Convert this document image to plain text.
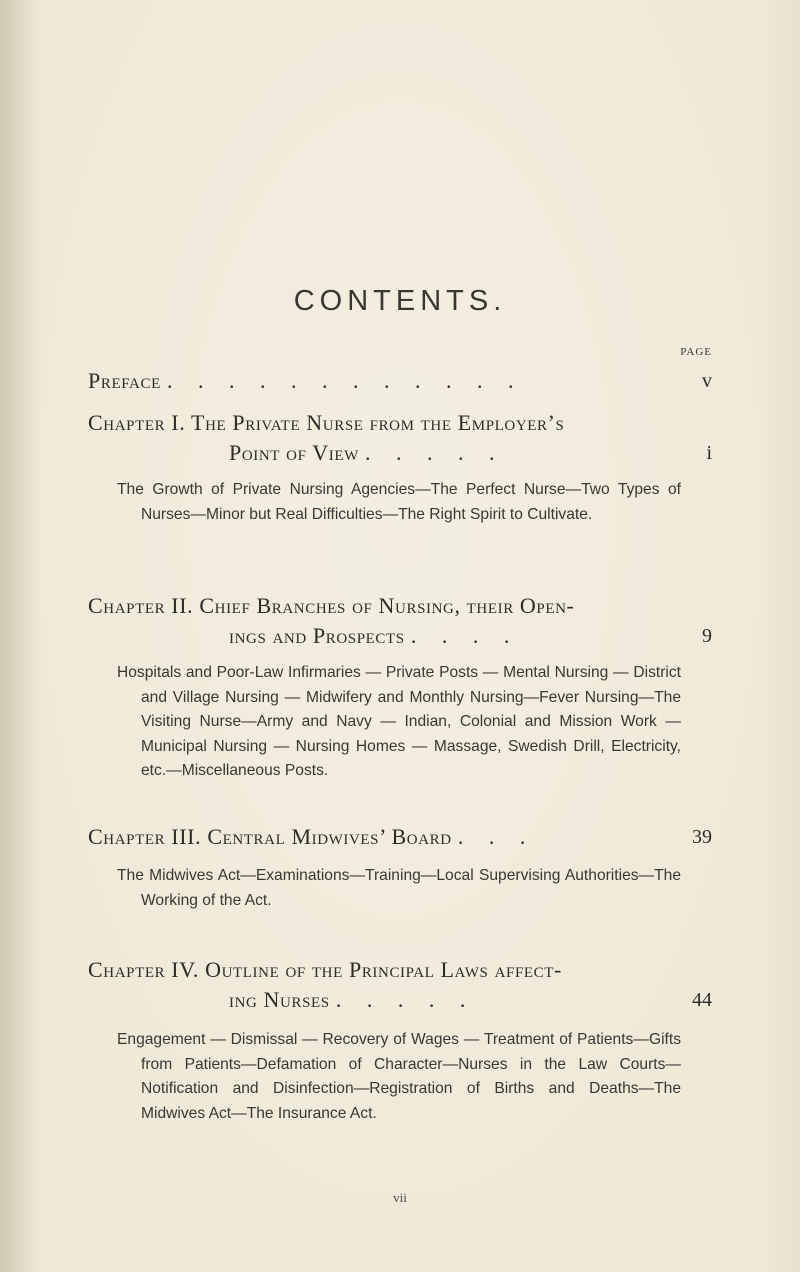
CONTENTS.
PAGE
Preface . . . . . . . . . . . .	v
Chapter I. The Private Nurse from the Employer’s
Point of View . . . . .	i
The Growth of Private Nursing Agencies—The Perfect Nurse—Two Types of Nurses—Minor but Real Difficulties—The Right Spirit to Cultivate.
Chapter II. Chief Branches of Nursing, their Open-
ings and Prospects . . . .	9
Hospitals and Poor-Law Infirmaries — Private Posts — Mental Nursing — District and Village Nursing — Midwifery and Monthly Nursing—Fever Nursing—The Visiting Nurse—Army and Navy — Indian, Colonial and Mission Work — Municipal Nursing — Nursing Homes — Massage, Swedish Drill, Electricity, etc.—Miscellaneous Posts.
Chapter III. Central Midwives’ Board . . .	39
The Midwives Act—Examinations—Training—Local Supervising Authorities—The Working of the Act.
Chapter IV. Outline of the Principal Laws affect-
ing Nurses . . . . .	44
Engagement — Dismissal — Recovery of Wages — Treatment of Patients—Gifts from Patients—Defamation of Character—Nurses in the Law Courts—Notification and Disinfection—Registration of Births and Deaths—The Midwives Act—The Insurance Act.
vii
